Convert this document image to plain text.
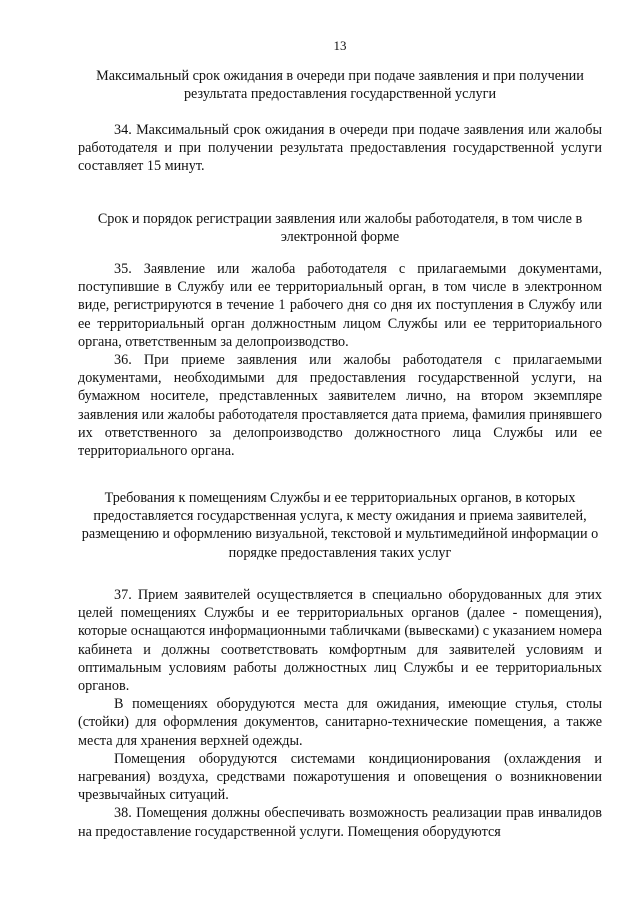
13
Максимальный срок ожидания в очереди при подаче заявления и при получении результата предоставления государственной услуги

34. Максимальный срок ожидания в очереди при подаче заявления или жалобы работодателя и при получении результата предоставления государственной услуги составляет 15 минут.

Срок и порядок регистрации заявления или жалобы работодателя, в том числе в электронной форме

35. Заявление или жалоба работодателя с прилагаемыми документами, поступившие в Службу или ее территориальный орган, в том числе в электронном виде, регистрируются в течение 1 рабочего дня со дня их поступления в Службу или ее территориальный орган должностным лицом Службы или ее территориального органа, ответственным за делопроизводство.

36. При приеме заявления или жалобы работодателя с прилагаемыми документами, необходимыми для предоставления государственной услуги, на бумажном носителе, представленных заявителем лично, на втором экземпляре заявления или жалобы работодателя проставляется дата приема, фамилия принявшего их ответственного за делопроизводство должностного лица Службы или ее территориального органа.

Требования к помещениям Службы и ее территориальных органов, в которых предоставляется государственная услуга, к месту ожидания и приема заявителей, размещению и оформлению визуальной, текстовой и мультимедийной информации о порядке предоставления таких услуг

37. Прием заявителей осуществляется в специально оборудованных для этих целей помещениях Службы и ее территориальных органов (далее - помещения), которые оснащаются информационными табличками (вывесками) с указанием номера кабинета и должны соответствовать комфортным для заявителей условиям и оптимальным условиям работы должностных лиц Службы и ее территориальных органов.

В помещениях оборудуются места для ожидания, имеющие стулья, столы (стойки) для оформления документов, санитарно-технические помещения, а также места для хранения верхней одежды.

Помещения оборудуются системами кондиционирования (охлаждения и нагревания) воздуха, средствами пожаротушения и оповещения о возникновении чрезвычайных ситуаций.

38. Помещения должны обеспечивать возможность реализации прав инвалидов на предоставление государственной услуги. Помещения оборудуются
